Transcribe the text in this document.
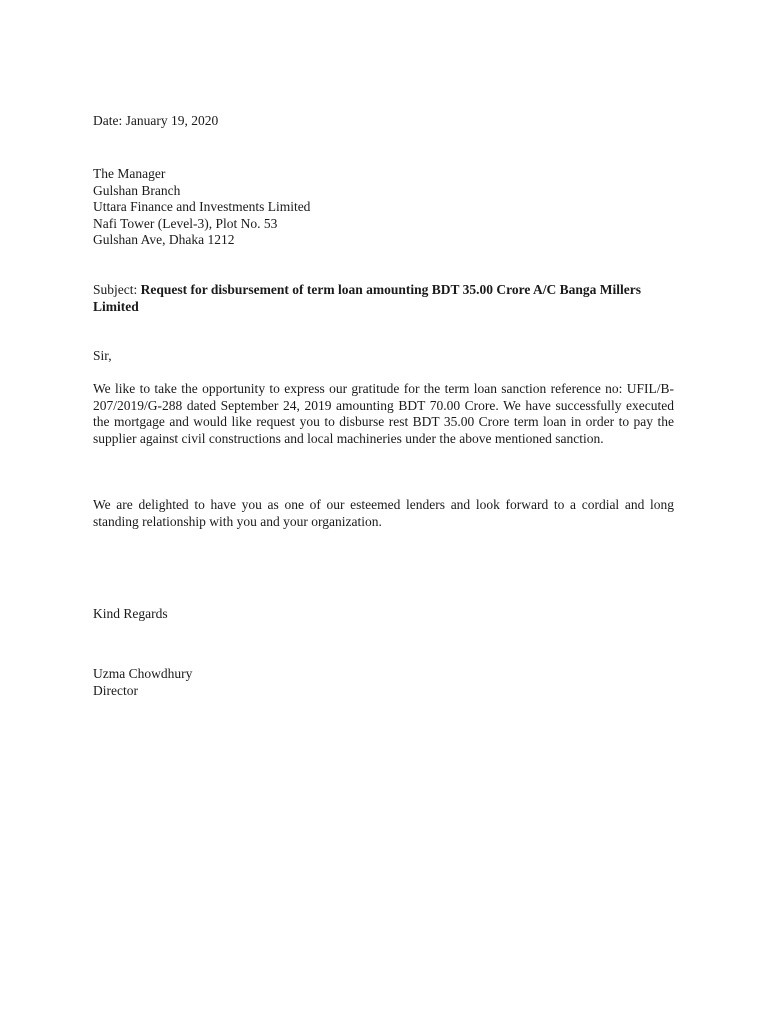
Date: January 19, 2020
The Manager
Gulshan Branch
Uttara Finance and Investments Limited
Nafi Tower (Level-3), Plot No. 53
Gulshan Ave, Dhaka 1212
Subject: Request for disbursement of term loan amounting BDT 35.00 Crore A/C Banga Millers Limited
Sir,
We like to take the opportunity to express our gratitude for the term loan sanction reference no: UFIL/B-207/2019/G-288 dated September 24, 2019 amounting BDT 70.00 Crore. We have successfully executed the mortgage and would like request you to disburse rest BDT 35.00 Crore term loan in order to pay the supplier against civil constructions and local machineries under the above mentioned sanction.
We are delighted to have you as one of our esteemed lenders and look forward to a cordial and long standing relationship with you and your organization.
Kind Regards
Uzma Chowdhury
Director
